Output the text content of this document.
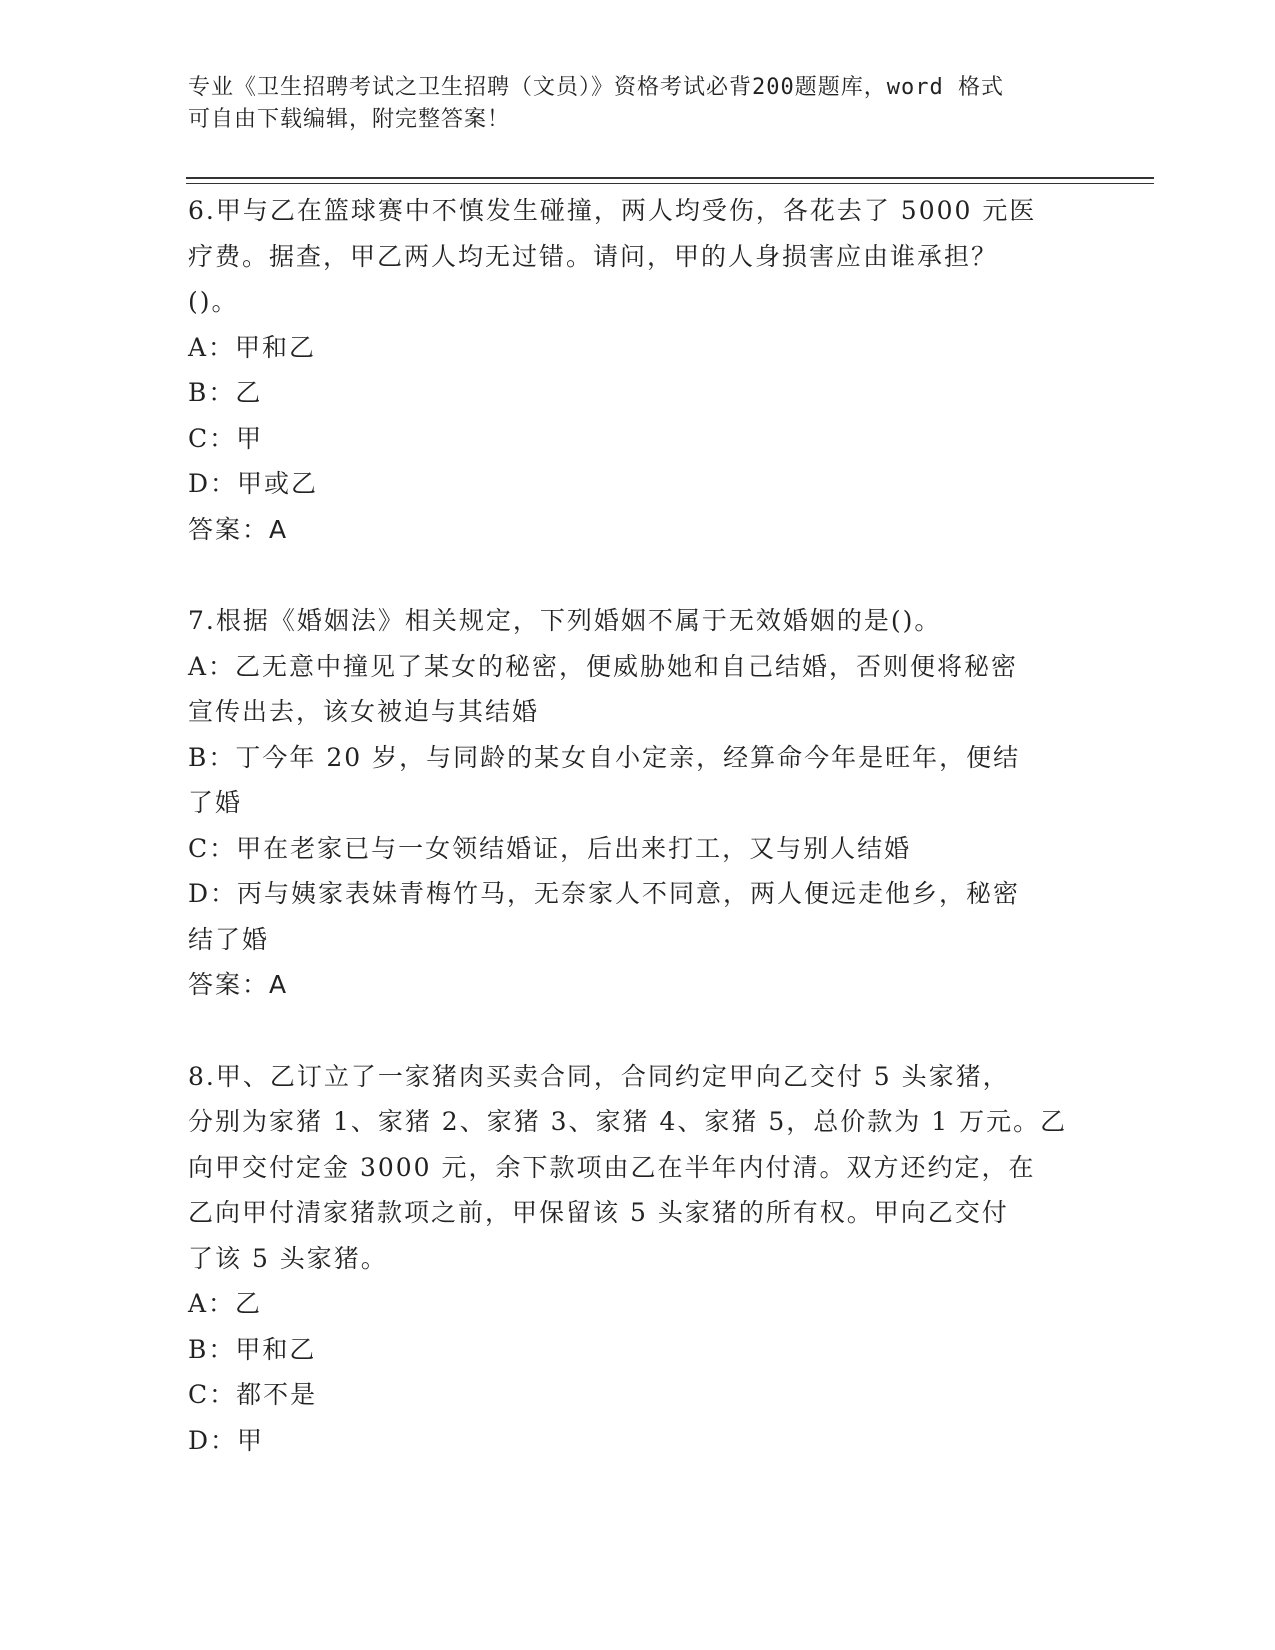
专业《卫生招聘考试之卫生招聘（文员）》资格考试必背200题题库，word 格式
可自由下载编辑，附完整答案！
6.甲与乙在篮球赛中不慎发生碰撞，两人均受伤，各花去了 5000 元医
疗费。据查，甲乙两人均无过错。请问，甲的人身损害应由谁承担？
()。
A：甲和乙
B：乙
C：甲
D：甲或乙
答案：A
7.根据《婚姻法》相关规定，下列婚姻不属于无效婚姻的是()。
A：乙无意中撞见了某女的秘密，便威胁她和自己结婚，否则便将秘密
宣传出去，该女被迫与其结婚
B：丁今年 20 岁，与同龄的某女自小定亲，经算命今年是旺年，便结
了婚
C：甲在老家已与一女领结婚证，后出来打工，又与别人结婚
D：丙与姨家表妹青梅竹马，无奈家人不同意，两人便远走他乡，秘密
结了婚
答案：A
8.甲、乙订立了一家猪肉买卖合同，合同约定甲向乙交付 5 头家猪，
分别为家猪 1、家猪 2、家猪 3、家猪 4、家猪 5，总价款为 1 万元。乙
向甲交付定金 3000 元，余下款项由乙在半年内付清。双方还约定，在
乙向甲付清家猪款项之前，甲保留该 5 头家猪的所有权。甲向乙交付
了该 5 头家猪。
A：乙
B：甲和乙
C：都不是
D：甲
